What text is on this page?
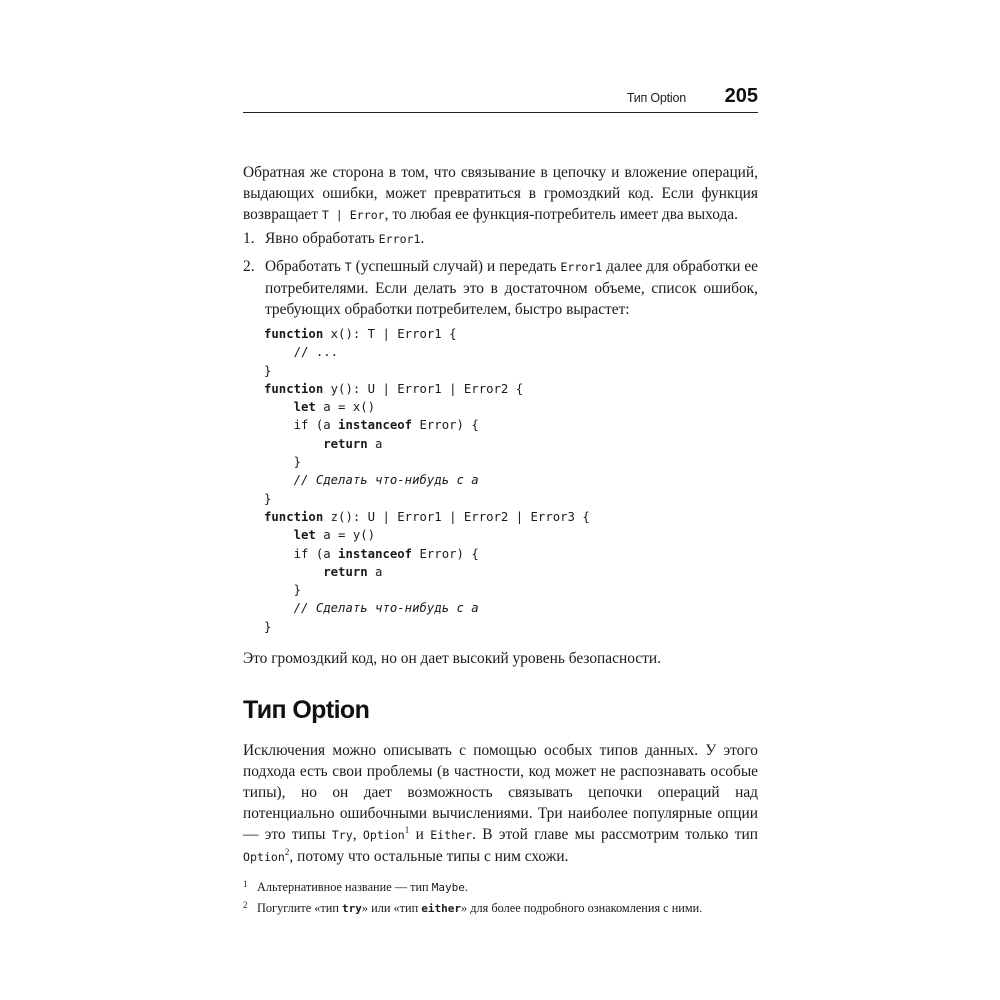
Тип Option 205

Обратная же сторона в том, что связывание в цепочку и вложение операций, выдающих ошибки, может превратиться в громоздкий код. Если функция возвращает T | Error, то любая ее функция-потребитель имеет два выхода.

1. Явно обработать Error1.

2. Обработать T (успешный случай) и передать Error1 далее для обработки ее потребителями. Если делать это в достаточном объеме, список ошибок, требующих обработки потребителем, быстро вырастет:

function x(): T | Error1 {
// ...
}
function y(): U | Error1 | Error2 {
let a = x()
if (a instanceof Error) {
return a
}
// Сделать что-нибудь с a
}
function z(): U | Error1 | Error2 | Error3 {
let a = y()
if (a instanceof Error) {
return a
}
// Сделать что-нибудь с a
}

Это громоздкий код, но он дает высокий уровень безопасности.

Тип Option

Исключения можно описывать с помощью особых типов данных. У этого подхода есть свои проблемы (в частности, код может не распознавать особые типы), но он дает возможность связывать цепочки операций над потенциально ошибочными вычислениями. Три наиболее популярные опции — это типы Try, Option$^1$ и Either. В этой главе мы рассмотрим только тип Option$^2$, потому что остальные типы с ним схожи.

1 Альтернативное название — тип Maybe.
2 Погуглите «тип try» или «тип either» для более подробного ознакомления с ними.
